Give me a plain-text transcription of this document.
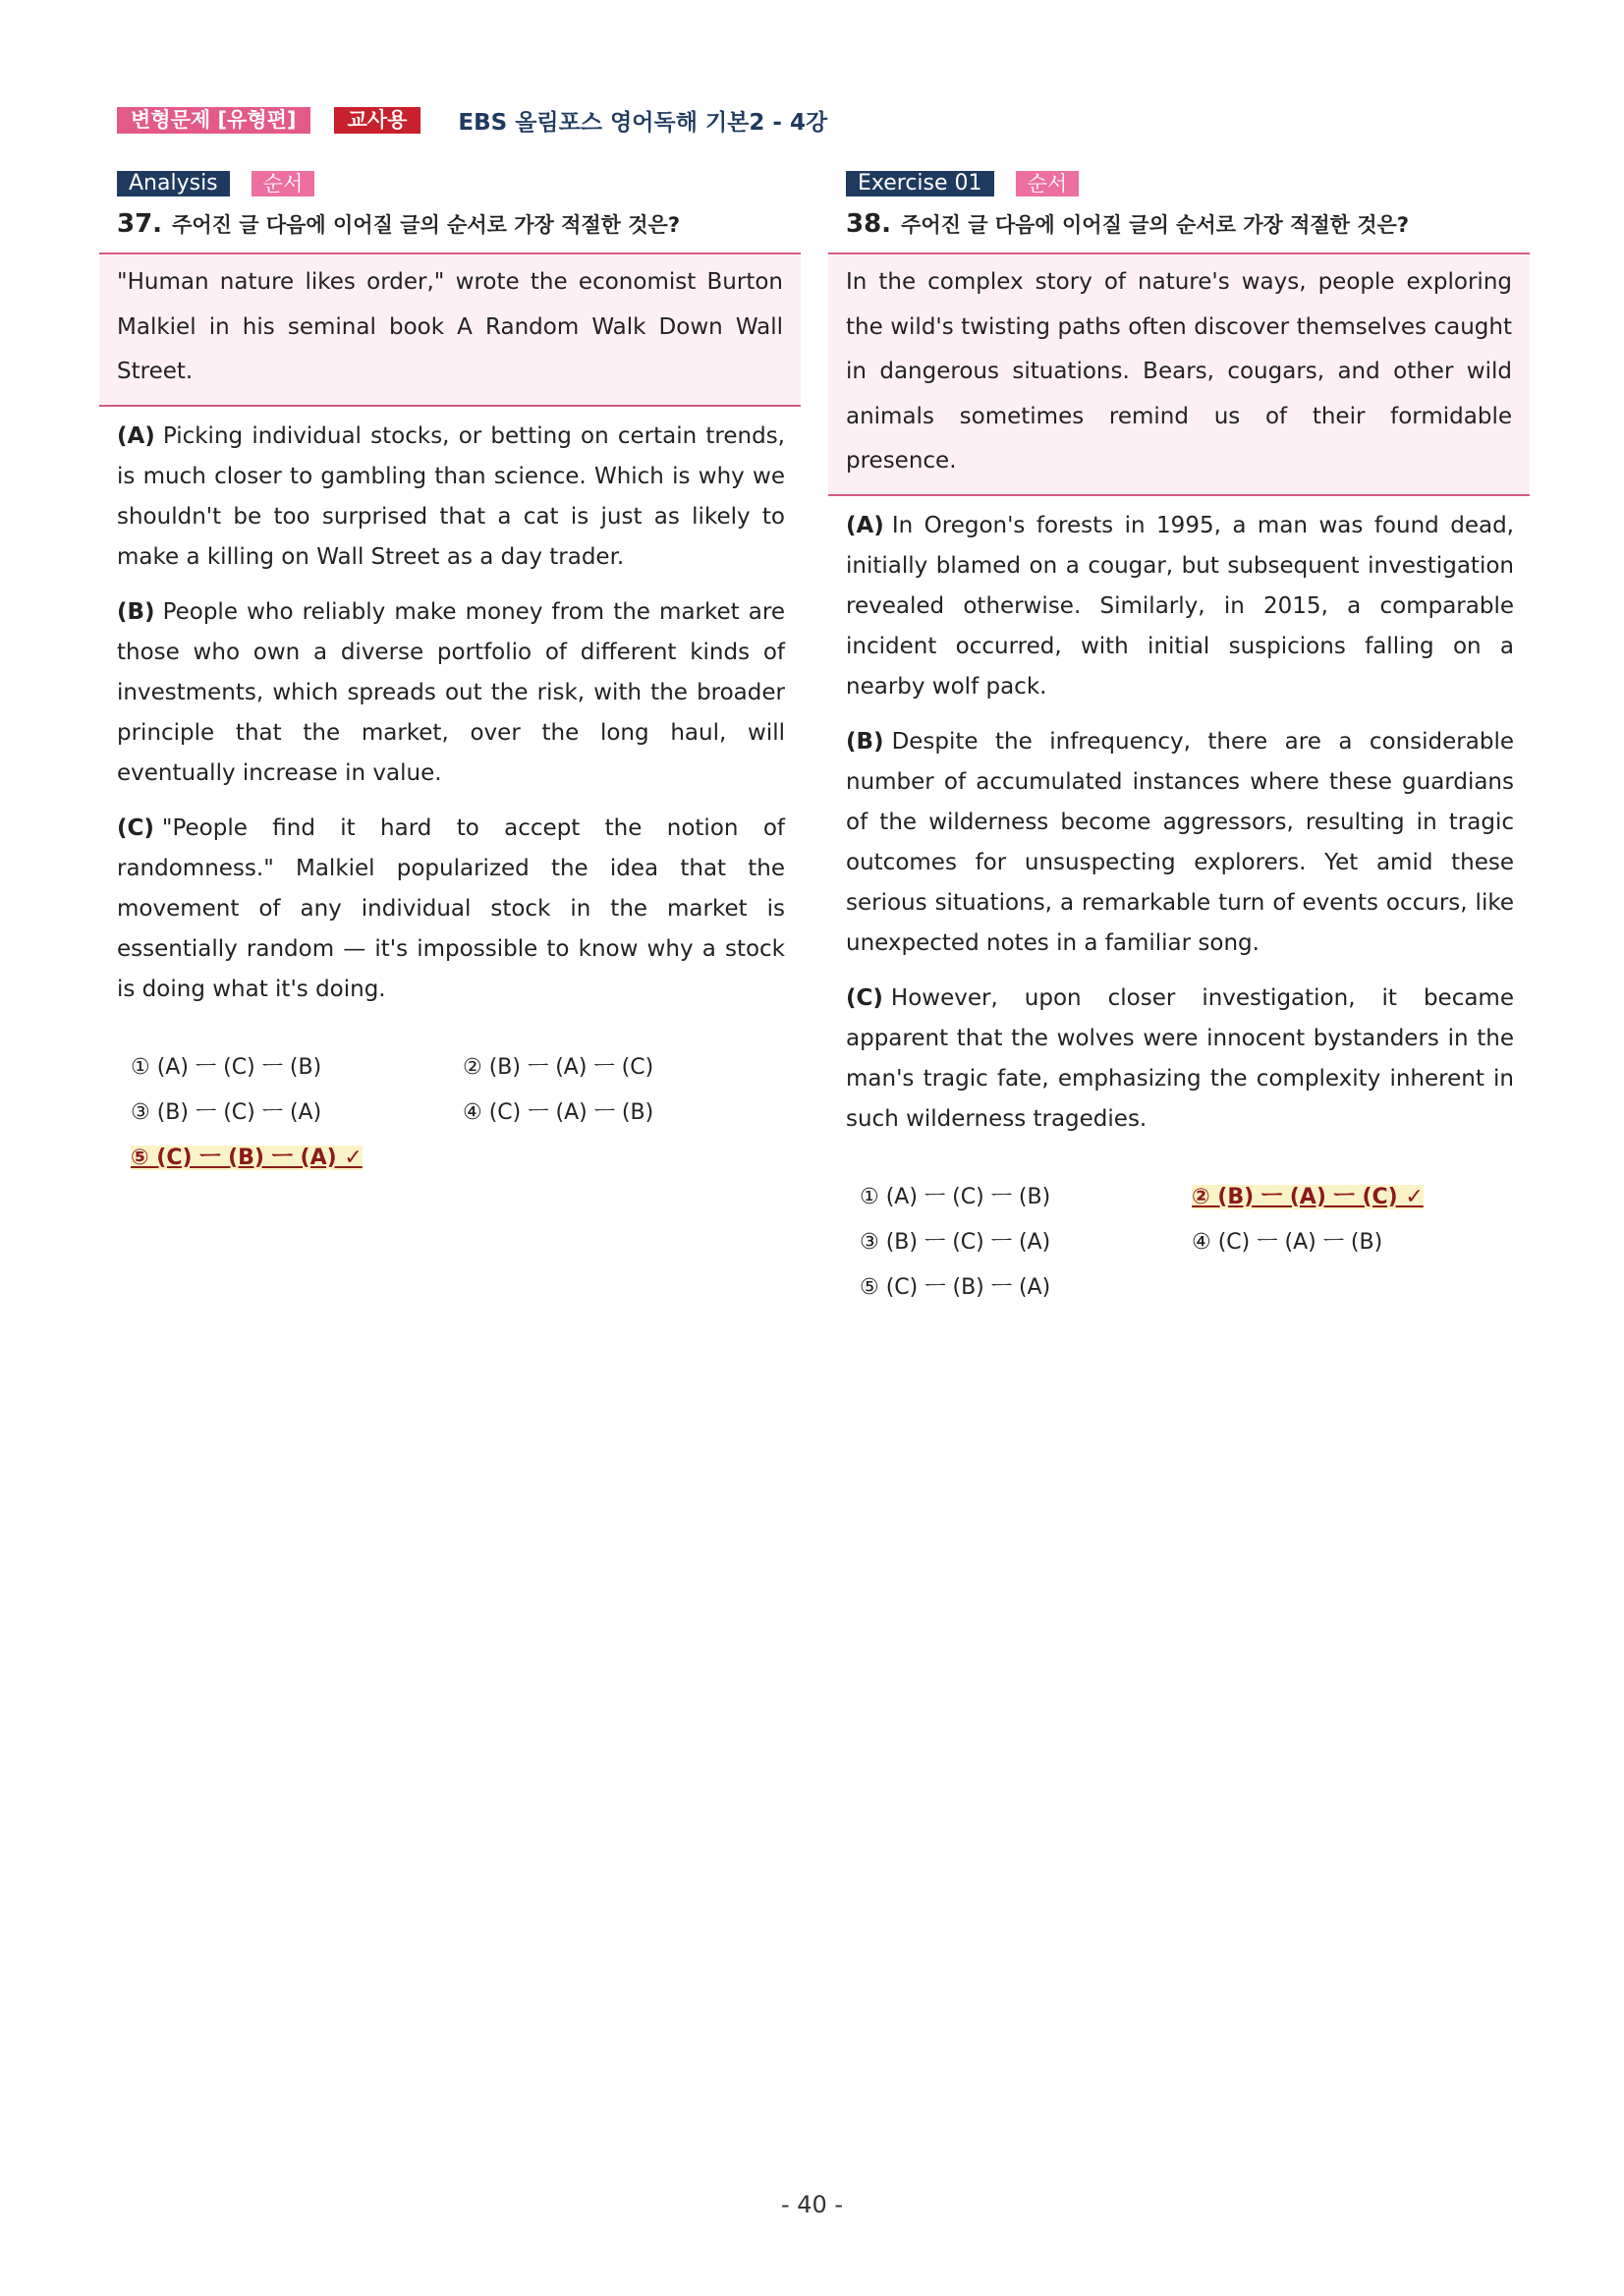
변형문제 [유형편]	교사용	EBS 올림포스 영어독해 기본2 - 4강
Analysis	순서
37. 주어진 글 다음에 이어질 글의 순서로 가장 적절한 것은?
"Human nature likes order," wrote the economist Burton Malkiel in his seminal book A Random Walk Down Wall Street.
(A) Picking individual stocks, or betting on certain trends, is much closer to gambling than science. Which is why we shouldn't be too surprised that a cat is just as likely to make a killing on Wall Street as a day trader.
(B) People who reliably make money from the market are those who own a diverse portfolio of different kinds of investments, which spreads out the risk, with the broader principle that the market, over the long haul, will eventually increase in value.
(C) "People find it hard to accept the notion of randomness." Malkiel popularized the idea that the movement of any individual stock in the market is essentially random — it's impossible to know why a stock is doing what it's doing.
① (A) ㅡ (C) ㅡ (B)	② (B) ㅡ (A) ㅡ (C)
③ (B) ㅡ (C) ㅡ (A)	④ (C) ㅡ (A) ㅡ (B)
⑤ (C) ㅡ (B) ㅡ (A) ✓
Exercise 01	순서
38. 주어진 글 다음에 이어질 글의 순서로 가장 적절한 것은?
In the complex story of nature's ways, people exploring the wild's twisting paths often discover themselves caught in dangerous situations. Bears, cougars, and other wild animals sometimes remind us of their formidable presence.
(A) In Oregon's forests in 1995, a man was found dead, initially blamed on a cougar, but subsequent investigation revealed otherwise. Similarly, in 2015, a comparable incident occurred, with initial suspicions falling on a nearby wolf pack.
(B) Despite the infrequency, there are a considerable number of accumulated instances where these guardians of the wilderness become aggressors, resulting in tragic outcomes for unsuspecting explorers. Yet amid these serious situations, a remarkable turn of events occurs, like unexpected notes in a familiar song.
(C) However, upon closer investigation, it became apparent that the wolves were innocent bystanders in the man's tragic fate, emphasizing the complexity inherent in such wilderness tragedies.
① (A) ㅡ (C) ㅡ (B)	② (B) ㅡ (A) ㅡ (C) ✓
③ (B) ㅡ (C) ㅡ (A)	④ (C) ㅡ (A) ㅡ (B)
⑤ (C) ㅡ (B) ㅡ (A)
- 40 -
